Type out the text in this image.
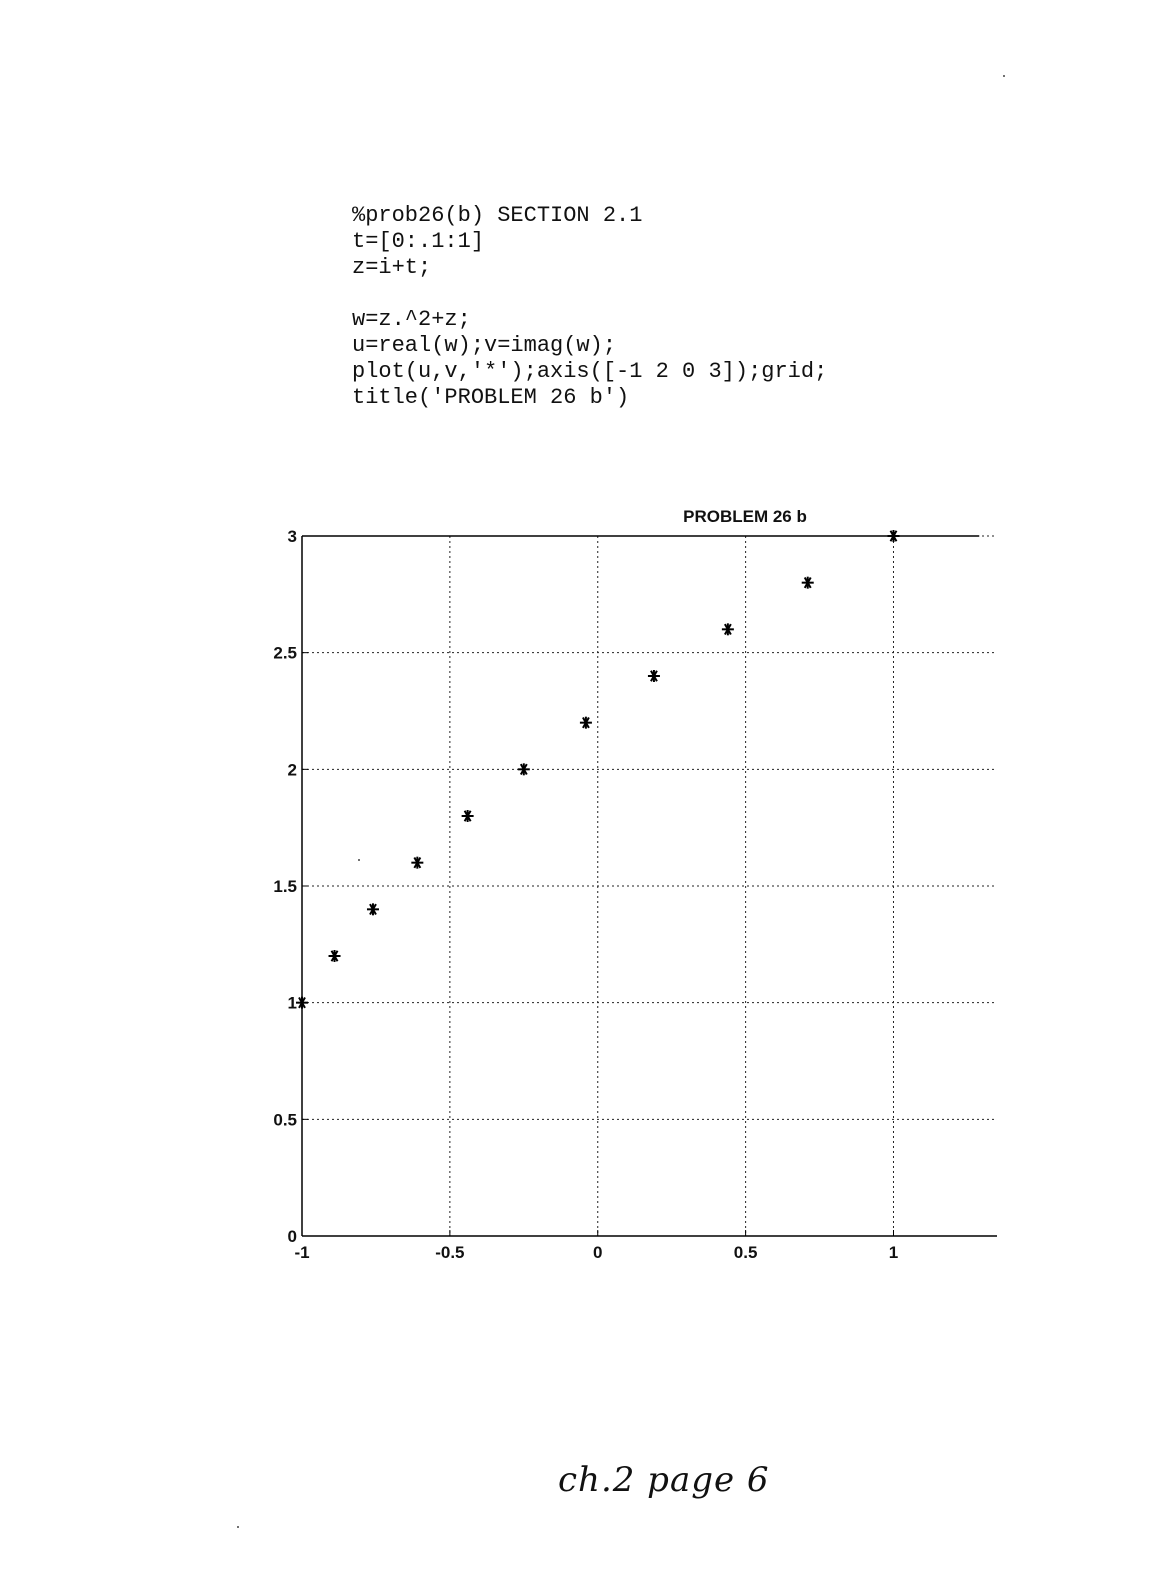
%prob26(b) SECTION 2.1
t=[0:.1:1]
z=i+t;
w=z.^2+z;
u=real(w);v=imag(w);
plot(u,v,'*');axis([-1 2 0 3]);grid;
title('PROBLEM 26 b')
PROBLEM 26 b
-1	-0.5	0	0.5	1
0
0.5
1
1.5
2
2.5
3
ch.2 page 6
